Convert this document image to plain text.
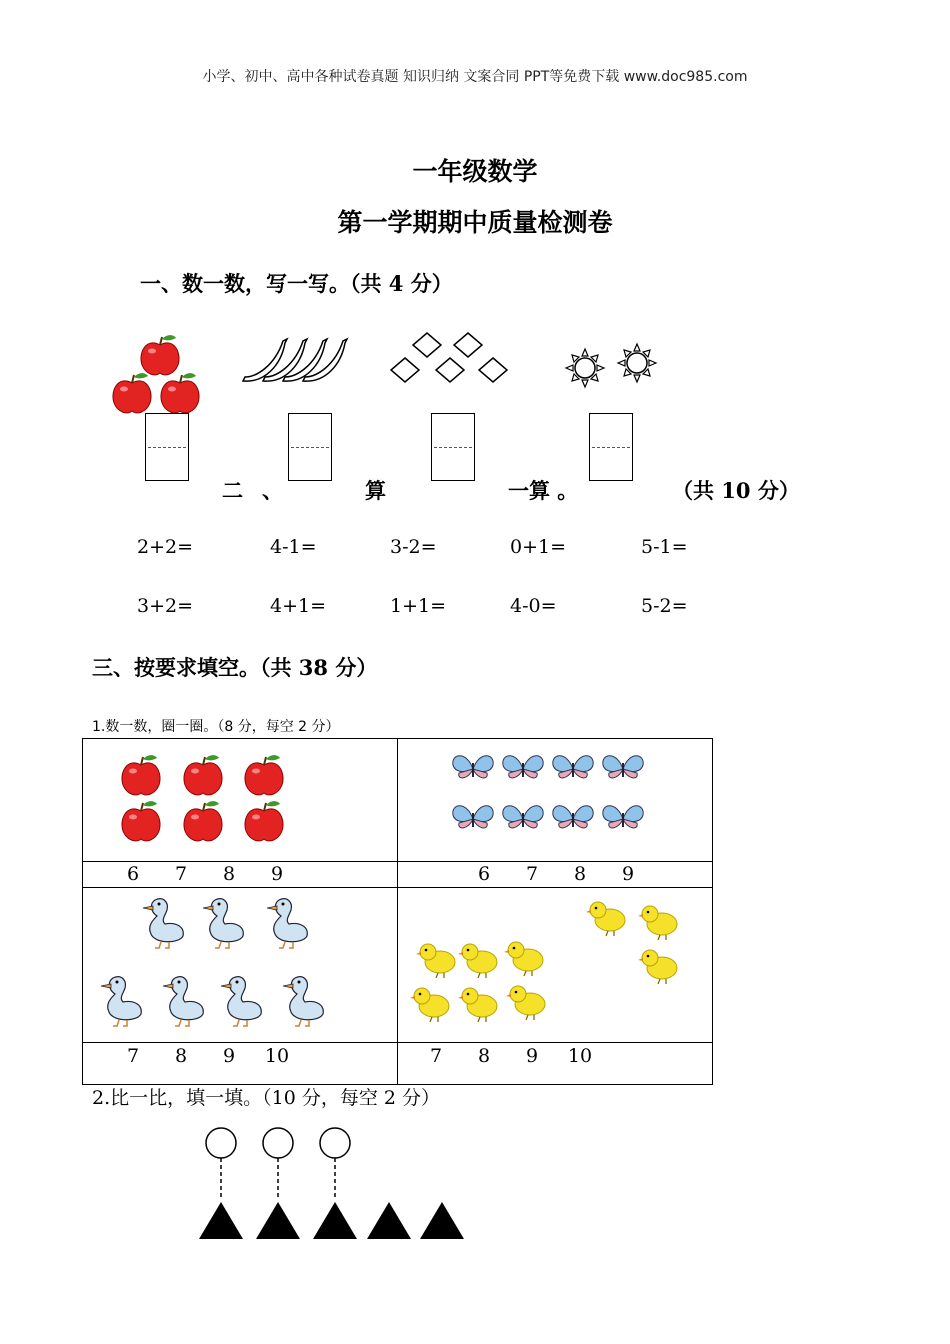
小学、初中、高中各种试卷真题 知识归纳 文案合同 PPT等免费下载 www.doc985.com
一年级数学
第一学期期中质量检测卷
一、数一数，写一写。（共 4 分）
二 、	算	一算 。	（共 10 分）
2+2=	4-1=	3-2=	0+1=	5-1=
3+2=	4+1=	1+1=	4-0=	5-2=
三、按要求填空。（共 38 分）
1.数一数，圈一圈。（8 分，每空 2 分）

6 7 8 9	6 7 8 9

7 8 9 10	7 8 9 10
2.比一比，填一填。（10 分，每空 2 分）
